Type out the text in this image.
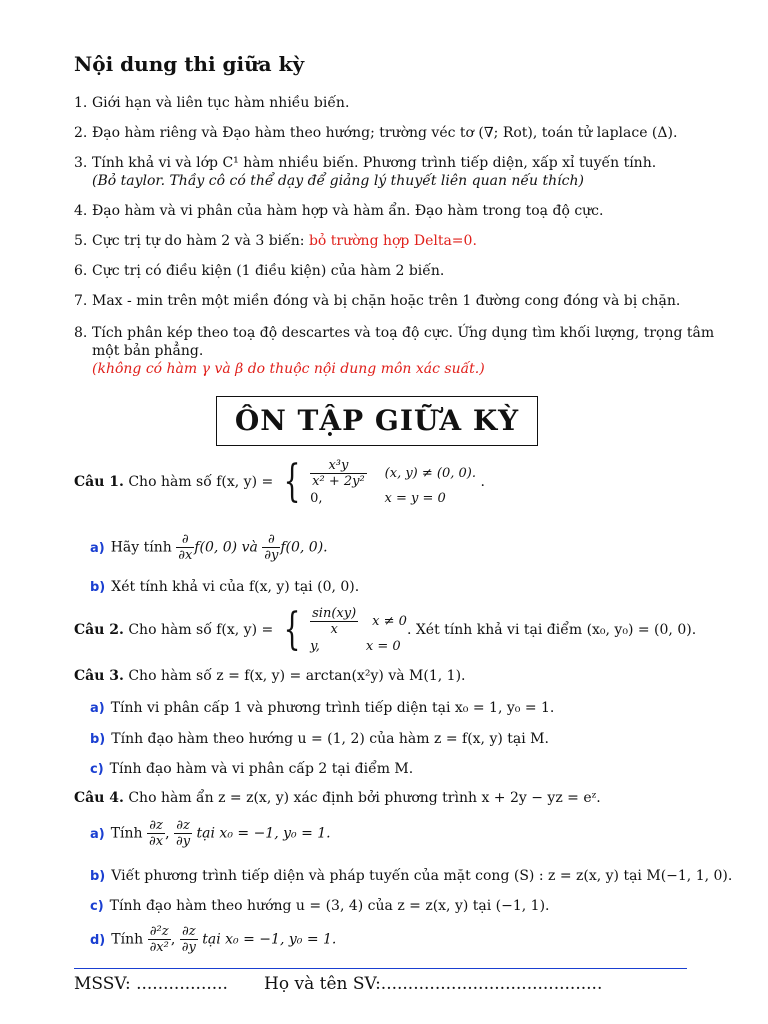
Nội dung thi giữa kỳ
1. Giới hạn và liên tục hàm nhiều biến.
2. Đạo hàm riêng và Đạo hàm theo hướng; trường véc tơ (∇; Rot), toán tử laplace (Δ).
3. Tính khả vi và lớp C¹ hàm nhiều biến. Phương trình tiếp diện, xấp xỉ tuyến tính.
(Bỏ taylor. Thầy cô có thể dạy để giảng lý thuyết liên quan nếu thích)
4. Đạo hàm và vi phân của hàm hợp và hàm ẩn. Đạo hàm trong toạ độ cực.
5. Cực trị tự do hàm 2 và 3 biến: bỏ trường hợp Delta=0.
6. Cực trị có điều kiện (1 điều kiện) của hàm 2 biến.
7. Max - min trên một miền đóng và bị chặn hoặc trên 1 đường cong đóng và bị chặn.
8. Tích phân kép theo toạ độ descartes và toạ độ cực. Ứng dụng tìm khối lượng, trọng tâm
một bản phẳng.
(không có hàm γ và β do thuộc nội dung môn xác suất.)
ÔN TẬP GIỮA KỲ
Câu 1. Cho hàm số f(x, y) = { $\frac{\text{x³y}}{\text{x² + 2y²}} (x$, y) ≠ (0, 0).
0,	x = y = 0
.
a) Hãy tính $\frac{\partial}{\partial x} f(0$, 0) và $\frac{\partial}{\partial y} f(0$, 0).
b) Xét tính khả vi của f(x, y) tại (0, 0).
Câu 2. Cho hàm số f(x, y) = { $\frac{\sin(xy)}{x}$ x ≠ 0
y,	x = 0
. Xét tính khả vi tại điểm (x₀, y₀) = (0, 0).
Câu 3. Cho hàm số z = f(x, y) = arctan(x²y) và M(1, 1).
a) Tính vi phân cấp 1 và phương trình tiếp diện tại x₀ = 1, y₀ = 1.
b) Tính đạo hàm theo hướng u = (1, 2) của hàm z = f(x, y) tại M.
c) Tính đạo hàm và vi phân cấp 2 tại điểm M.
Câu 4. Cho hàm ẩn z = z(x, y) xác định bởi phương trình x + 2y − yz = eᶻ.
a) Tính $\frac{\partial z}{\partial x}$ , $\frac{\partial z}{\partial y}$ tại x₀ = −1, y₀ = 1.
b) Viết phương trình tiếp diện và pháp tuyến của mặt cong (S) : z = z(x, y) tại M(−1, 1, 0).
c) Tính đạo hàm theo hướng u = (3, 4) của z = z(x, y) tại (−1, 1).
d) Tính $\frac{\text{∂²z}}{\text{∂x²}}$ , $\frac{\partial z}{\partial y}$ tại x₀ = −1, y₀ = 1.
MSSV: ................. Họ và tên SV:.........................................
